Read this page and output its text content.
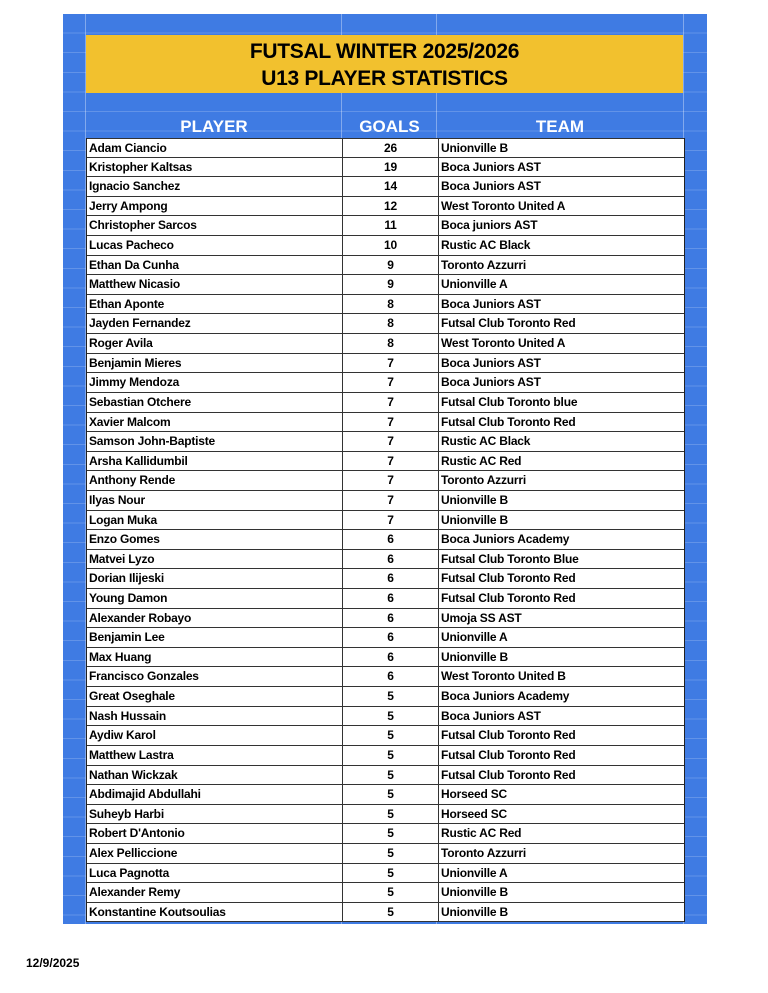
FUTSAL WINTER 2025/2026
U13 PLAYER STATISTICS
PLAYER	GOALS	TEAM
Adam Ciancio	26	Unionville B
Kristopher Kaltsas	19	Boca Juniors AST
Ignacio Sanchez	14	Boca Juniors AST
Jerry Ampong	12	West Toronto United A
Christopher Sarcos	11	Boca juniors AST
Lucas Pacheco	10	Rustic AC Black
Ethan Da Cunha	9	Toronto Azzurri
Matthew Nicasio	9	Unionville A
Ethan Aponte	8	Boca Juniors AST
Jayden Fernandez	8	Futsal Club Toronto Red
Roger Avila	8	West Toronto United A
Benjamin Mieres	7	Boca Juniors AST
Jimmy Mendoza	7	Boca Juniors AST
Sebastian Otchere	7	Futsal Club Toronto blue
Xavier Malcom	7	Futsal Club Toronto Red
Samson John-Baptiste	7	Rustic AC Black
Arsha Kallidumbil	7	Rustic AC Red
Anthony Rende	7	Toronto Azzurri
Ilyas Nour	7	Unionville B
Logan Muka	7	Unionville B
Enzo Gomes	6	Boca Juniors Academy
Matvei Lyzo	6	Futsal Club Toronto Blue
Dorian Ilijeski	6	Futsal Club Toronto Red
Young Damon	6	Futsal Club Toronto Red
Alexander Robayo	6	Umoja SS AST
Benjamin Lee	6	Unionville A
Max Huang	6	Unionville B
Francisco Gonzales	6	West Toronto United B
Great Oseghale	5	Boca Juniors Academy
Nash Hussain	5	Boca Juniors AST
Aydiw Karol	5	Futsal Club Toronto Red
Matthew Lastra	5	Futsal Club Toronto Red
Nathan Wickzak	5	Futsal Club Toronto Red
Abdimajid Abdullahi	5	Horseed SC
Suheyb Harbi	5	Horseed SC
Robert D'Antonio	5	Rustic AC Red
Alex Pelliccione	5	Toronto Azzurri
Luca Pagnotta	5	Unionville A
Alexander Remy	5	Unionville B
Konstantine Koutsoulias	5	Unionville B
12/9/2025
